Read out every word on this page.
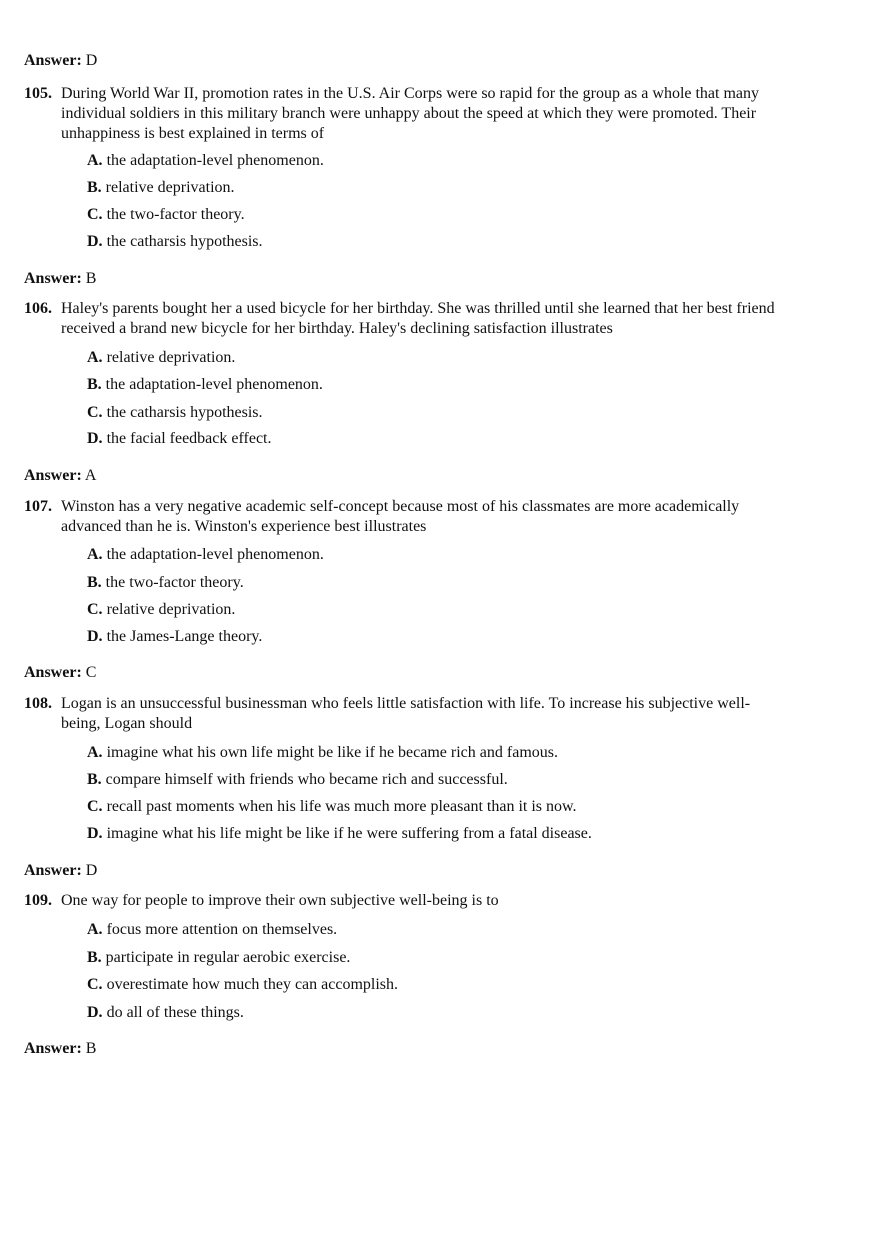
Answer: D
105. During World War II, promotion rates in the U.S. Air Corps were so rapid for the group as a whole that many
individual soldiers in this military branch were unhappy about the speed at which they were promoted. Their
unhappiness is best explained in terms of
A. the adaptation-level phenomenon.
B. relative deprivation.
C. the two-factor theory.
D. the catharsis hypothesis.
Answer: B
106. Haley's parents bought her a used bicycle for her birthday. She was thrilled until she learned that her best friend
received a brand new bicycle for her birthday. Haley's declining satisfaction illustrates
A. relative deprivation.
B. the adaptation-level phenomenon.
C. the catharsis hypothesis.
D. the facial feedback effect.
Answer: A
107. Winston has a very negative academic self-concept because most of his classmates are more academically
advanced than he is. Winston's experience best illustrates
A. the adaptation-level phenomenon.
B. the two-factor theory.
C. relative deprivation.
D. the James-Lange theory.
Answer: C
108. Logan is an unsuccessful businessman who feels little satisfaction with life. To increase his subjective well-
being, Logan should
A. imagine what his own life might be like if he became rich and famous.
B. compare himself with friends who became rich and successful.
C. recall past moments when his life was much more pleasant than it is now.
D. imagine what his life might be like if he were suffering from a fatal disease.
Answer: D
109. One way for people to improve their own subjective well-being is to
A. focus more attention on themselves.
B. participate in regular aerobic exercise.
C. overestimate how much they can accomplish.
D. do all of these things.
Answer: B
